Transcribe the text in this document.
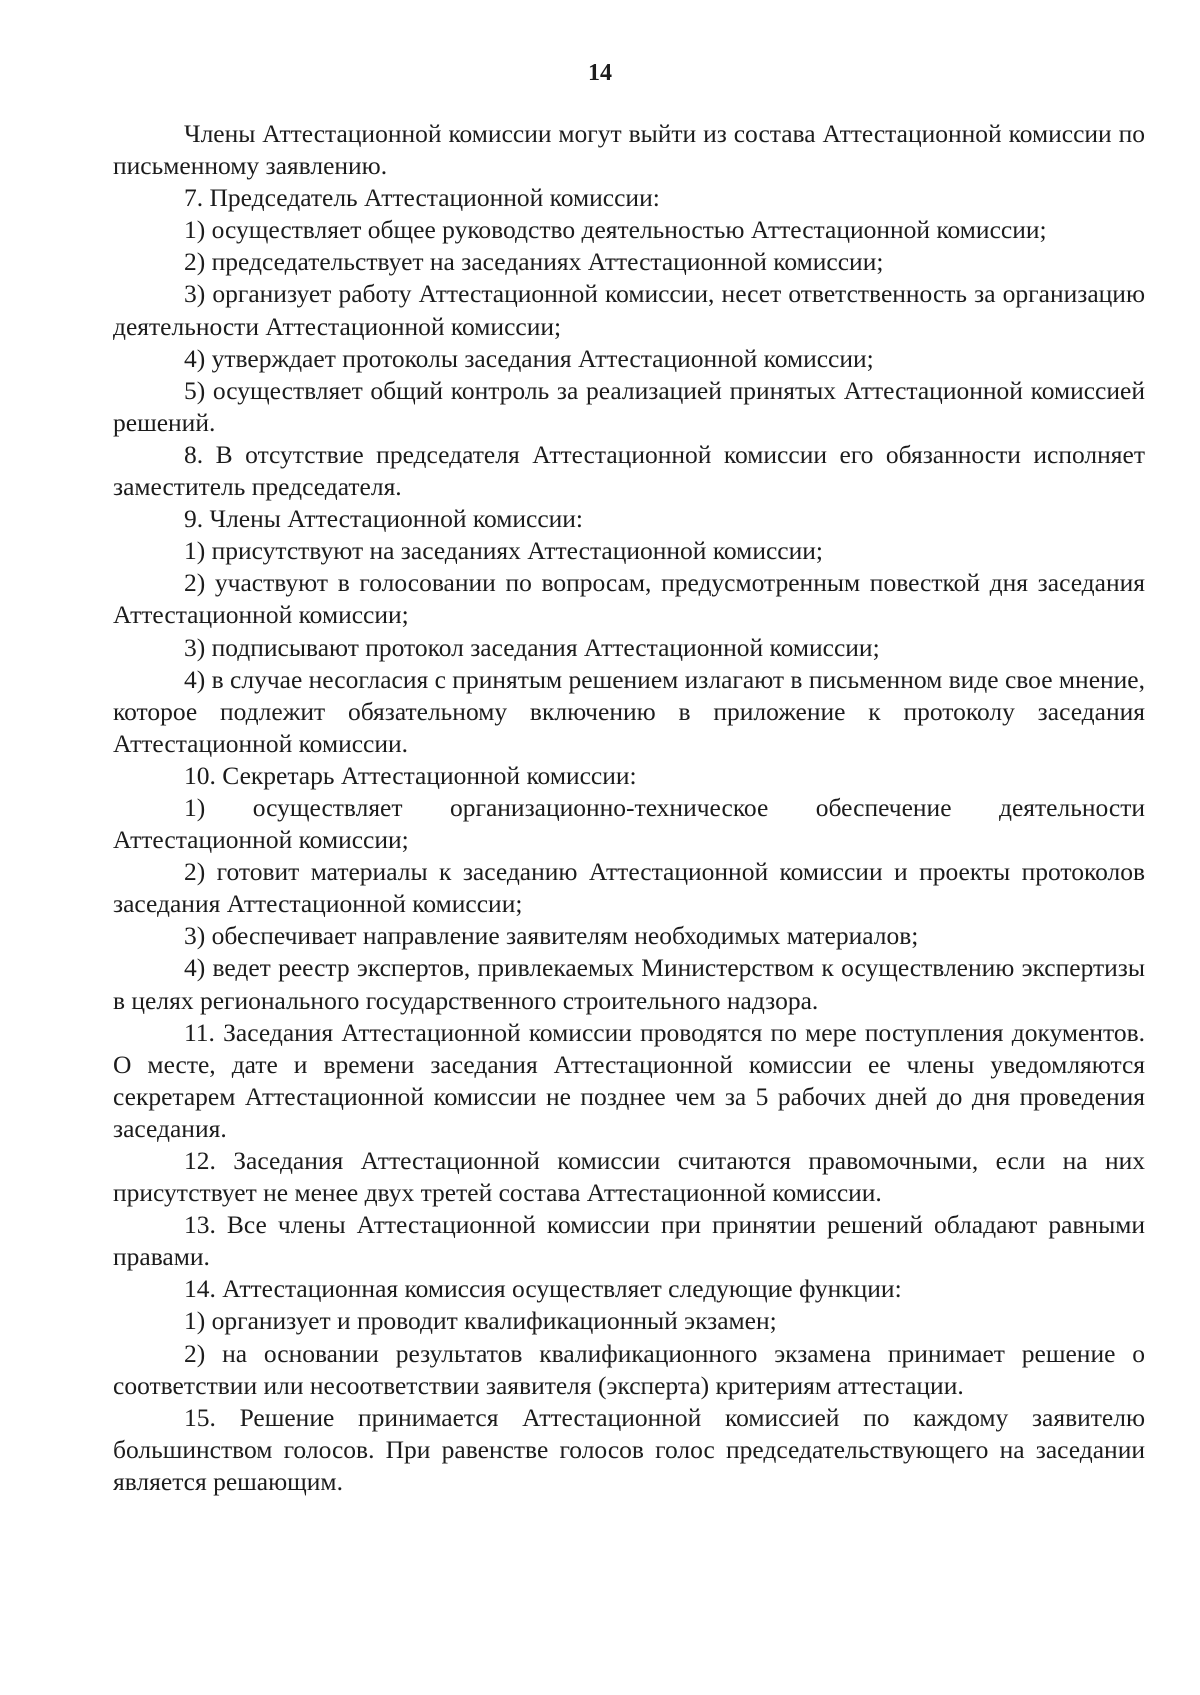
14

Члены Аттестационной комиссии могут выйти из состава Аттестационной комиссии по письменному заявлению.

7. Председатель Аттестационной комиссии:

1) осуществляет общее руководство деятельностью Аттестационной комиссии;

2) председательствует на заседаниях Аттестационной комиссии;

3) организует работу Аттестационной комиссии, несет ответственность за организацию деятельности Аттестационной комиссии;

4) утверждает протоколы заседания Аттестационной комиссии;

5) осуществляет общий контроль за реализацией принятых Аттестационной комиссией решений.

8. В отсутствие председателя Аттестационной комиссии его обязанности исполняет заместитель председателя.

9. Члены Аттестационной комиссии:

1) присутствуют на заседаниях Аттестационной комиссии;

2) участвуют в голосовании по вопросам, предусмотренным повесткой дня заседания Аттестационной комиссии;

3) подписывают протокол заседания Аттестационной комиссии;

4) в случае несогласия с принятым решением излагают в письменном виде свое мнение, которое подлежит обязательному включению в приложение к протоколу заседания Аттестационной комиссии.

10. Секретарь Аттестационной комиссии:

1) осуществляет организационно-техническое обеспечение деятельности Аттестационной комиссии;

2) готовит материалы к заседанию Аттестационной комиссии и проекты протоколов заседания Аттестационной комиссии;

3) обеспечивает направление заявителям необходимых материалов;

4) ведет реестр экспертов, привлекаемых Министерством к осуществлению экспертизы в целях регионального государственного строительного надзора.

11. Заседания Аттестационной комиссии проводятся по мере поступления документов. О месте, дате и времени заседания Аттестационной комиссии ее члены уведомляются секретарем Аттестационной комиссии не позднее чем за 5 рабочих дней до дня проведения заседания.

12. Заседания Аттестационной комиссии считаются правомочными, если на них присутствует не менее двух третей состава Аттестационной комиссии.

13. Все члены Аттестационной комиссии при принятии решений обладают равными правами.

14. Аттестационная комиссия осуществляет следующие функции:

1) организует и проводит квалификационный экзамен;

2) на основании результатов квалификационного экзамена принимает решение о соответствии или несоответствии заявителя (эксперта) критериям аттестации.

15. Решение принимается Аттестационной комиссией по каждому заявителю большинством голосов. При равенстве голосов голос председательствующего на заседании является решающим.
